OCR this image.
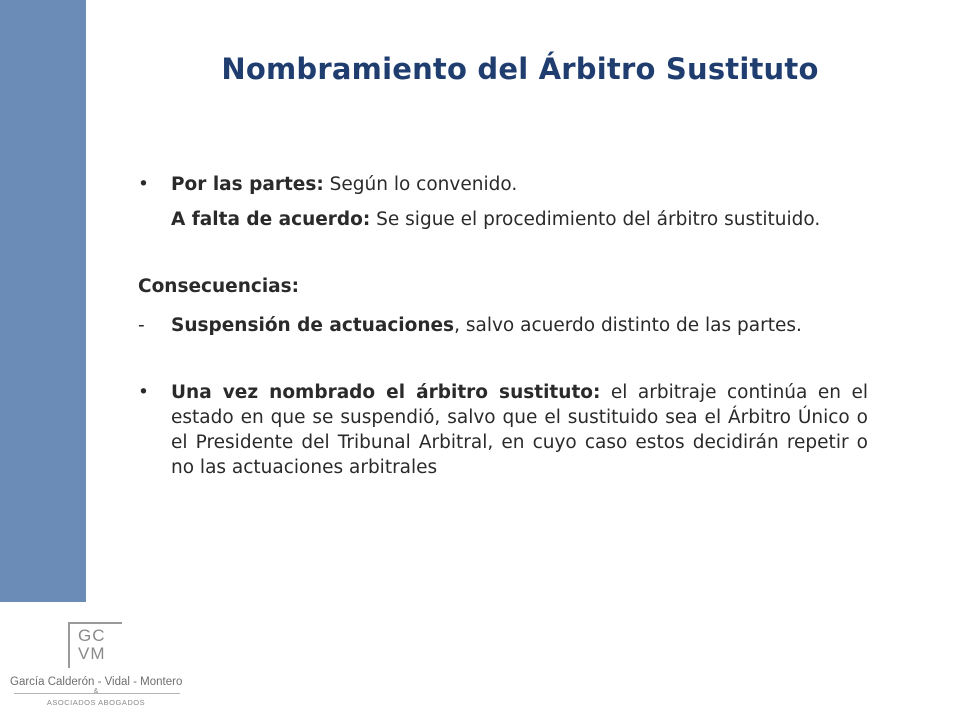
Nombramiento del Árbitro Sustituto
•	Por las partes: Según lo convenido.
A falta de acuerdo: Se sigue el procedimiento del árbitro sustituido.
Consecuencias:
-	Suspensión de actuaciones, salvo acuerdo distinto de las partes.
•	Una vez nombrado el árbitro sustituto: el arbitraje continúa en el estado en que se suspendió, salvo que el sustituido sea el Árbitro Único o el Presidente del Tribunal Arbitral, en cuyo caso estos decidirán repetir o no las actuaciones arbitrales
GC
VM
García Calderón - Vidal - Montero
&
ASOCIADOS ABOGADOS
